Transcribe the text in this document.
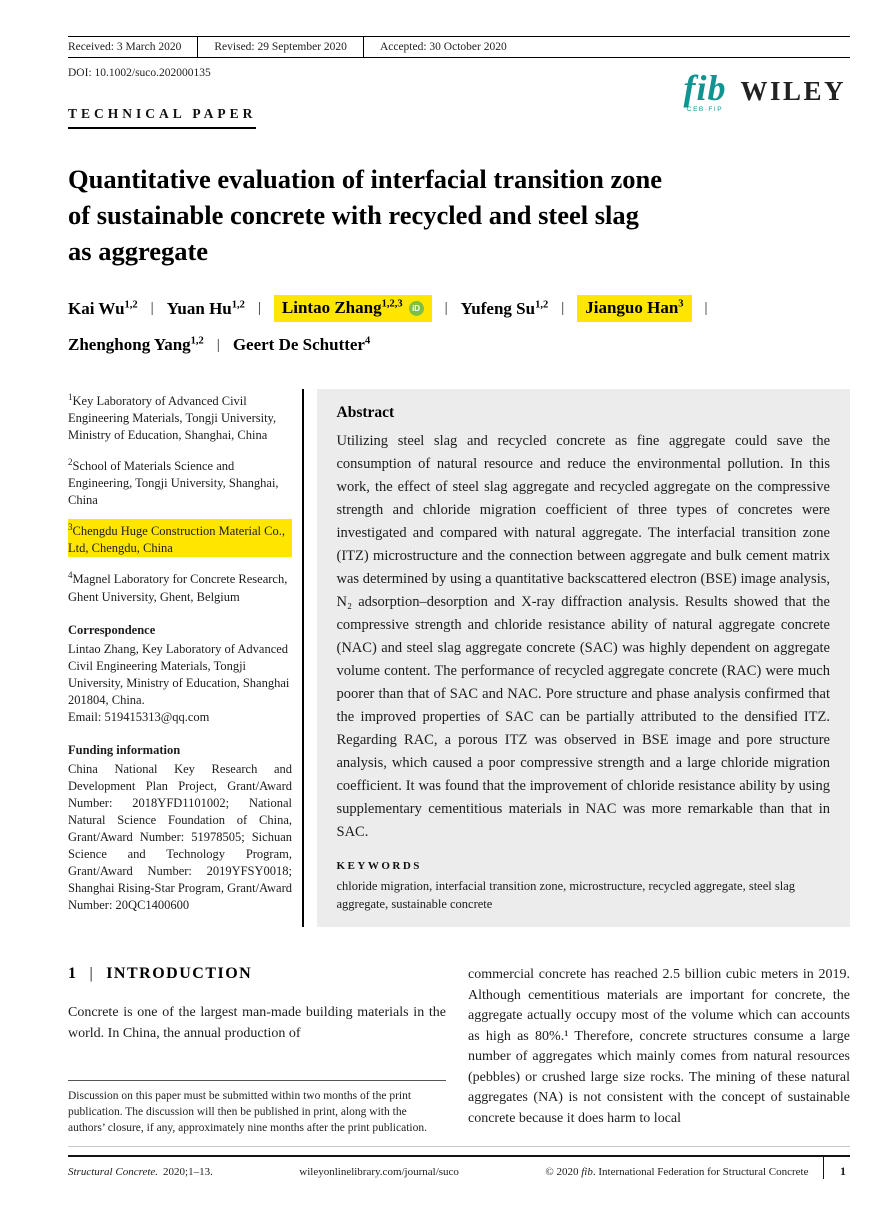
Received: 3 March 2020	Revised: 29 September 2020	Accepted: 30 October 2020
DOI: 10.1002/suco.202000135
TECHNICAL PAPER
fib
CEB·FIP
WILEY
Quantitative evaluation of interfacial transition zone
of sustainable concrete with recycled and steel slag
as aggregate
Kai Wu$^{1,2}$ | Yuan Hu$^{1,2}$ | Lintao Zhang$^{1,2,3}$	iD | Yufeng Su$^{1,2}$ | Jianguo Han$^3$ |
Zhenghong Yang$^{1,2}$ | Geert De Schutter$^4$

$^1$Key Laboratory of Advanced Civil Engineering Materials, Tongji University, Ministry of Education, Shanghai, China

$^2$School of Materials Science and Engineering, Tongji University, Shanghai, China

$^3$Chengdu Huge Construction Material Co., Ltd, Chengdu, China

$^4$Magnel Laboratory for Concrete Research, Ghent University, Ghent, Belgium

Correspondence

Lintao Zhang, Key Laboratory of Advanced Civil Engineering Materials, Tongji University, Ministry of Education, Shanghai 201804, China.

Email: 519415313@qq.com

Funding information

China National Key Research and Development Plan Project, Grant/Award Number: 2018YFD1101002; National Natural Science Foundation of China, Grant/Award Number: 51978505; Sichuan Science and Technology Program, Grant/Award Number: 2019YFSY0018; Shanghai Rising-Star Program, Grant/Award Number: 20QC1400600

Abstract

Utilizing steel slag and recycled concrete as fine aggregate could save the consumption of natural resource and reduce the environmental pollution. In this work, the effect of steel slag aggregate and recycled aggregate on the compressive strength and chloride migration coefficient of three types of concretes were investigated and compared with natural aggregate. The interfacial transition zone (ITZ) microstructure and the connection between aggregate and bulk cement matrix was determined by using a quantitative backscattered electron (BSE) image analysis, N₂ adsorption–desorption and X-ray diffraction analysis. Results showed that the compressive strength and chloride resistance ability of natural aggregate concrete (NAC) and steel slag aggregate concrete (SAC) was highly dependent on aggregate volume content. The performance of recycled aggregate concrete (RAC) were much poorer than that of SAC and NAC. Pore structure and phase analysis confirmed that the improved properties of SAC can be partially attributed to the densified ITZ. Regarding RAC, a porous ITZ was observed in BSE image and pore structure analysis, which caused a poor compressive strength and a large chloride migration coefficient. It was found that the improvement of chloride resistance ability by using supplementary cementitious materials in NAC was more remarkable than that in SAC.

KEYWORDS

chloride migration, interfacial transition zone, microstructure, recycled aggregate, steel slag aggregate, sustainable concrete

1 | INTRODUCTION

Concrete is one of the largest man-made building materials in the world. In China, the annual production of

Discussion on this paper must be submitted within two months of the print publication. The discussion will then be published in print, along with the authors’ closure, if any, approximately nine months after the print publication.

commercial concrete has reached 2.5 billion cubic meters in 2019. Although cementitious materials are important for concrete, the aggregate actually occupy most of the volume which can accounts as high as 80%.¹ Therefore, concrete structures consume a large number of aggregates which mainly comes from natural resources (pebbles) or crushed large size rocks. The mining of these natural aggregates (NA) is not consistent with the concept of sustainable concrete because it does harm to local

Structural Concrete. 2020;1–13.	wileyonlinelibrary.com/journal/suco	© 2020 fib. International Federation for Structural Concrete	1
